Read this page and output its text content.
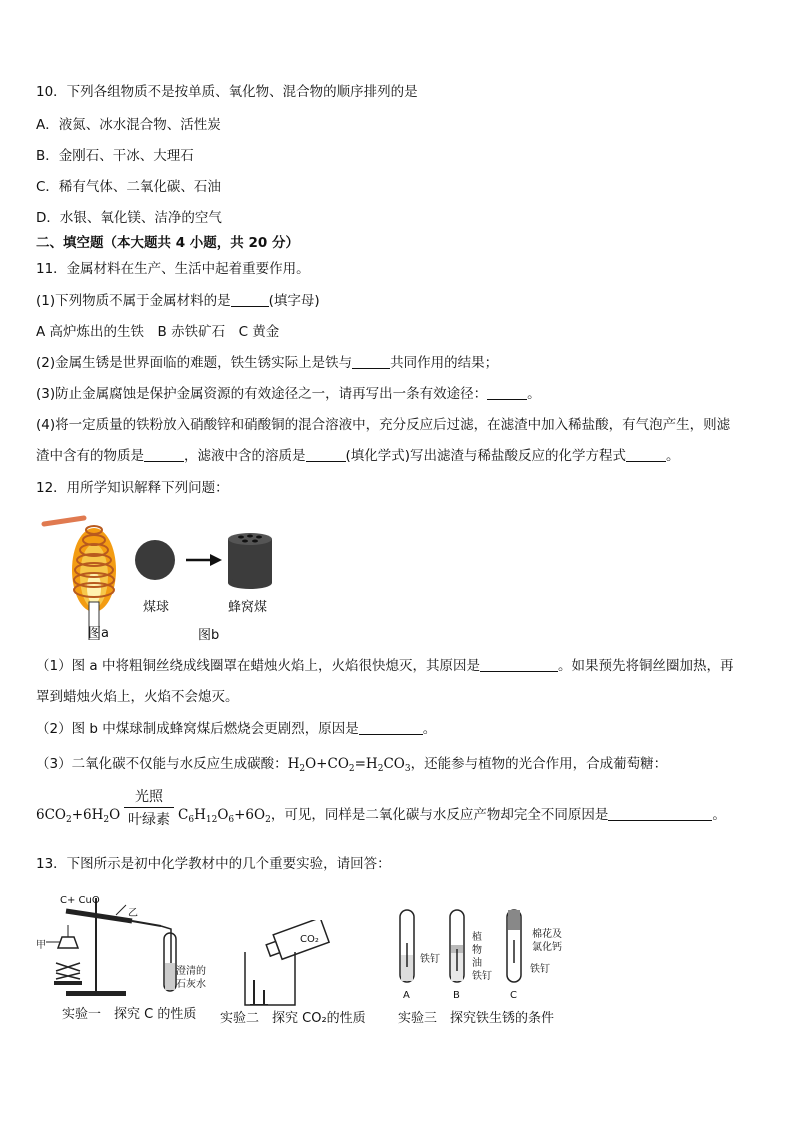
10．下列各组物质不是按单质、氧化物、混合物的顺序排列的是
A．液氮、冰水混合物、活性炭
B．金刚石、干冰、大理石
C．稀有气体、二氧化碳、石油
D．水银、氧化镁、洁净的空气
二、填空题（本大题共 4 小题，共 20 分）
11．金属材料在生产、生活中起着重要作用。
(1)下列物质不属于金属材料的是	(填字母)
A 高炉炼出的生铁　B 赤铁矿石　C 黄金
(2)金属生锈是世界面临的难题，铁生锈实际上是铁与	共同作用的结果；
(3)防止金属腐蚀是保护金属资源的有效途径之一，请再写出一条有效途径：	。
(4)将一定质量的铁粉放入硝酸锌和硝酸铜的混合溶液中，充分反应后过滤，在滤渣中加入稀盐酸，有气泡产生，则滤
渣中含有的物质是	，滤液中含的溶质是	(填化学式)写出滤渣与稀盐酸反应的化学方程式	。
12．用所学知识解释下列问题：
图a
煤球	蜂窝煤
图b
（1）图 a 中将粗铜丝绕成线圈罩在蜡烛火焰上，火焰很快熄灭，其原因是	。如果预先将铜丝圈加热，再
罩到蜡烛火焰上，火焰不会熄灭。
（2）图 b 中煤球制成蜂窝煤后燃烧会更剧烈，原因是	。
（3）二氧化碳不仅能与水反应生成碳酸：$H_2O+CO_2=H_2CO_3$，还能参与植物的光合作用，合成葡萄糖：
$6CO_2+6H_2O$
光照
叶绿素 $C_6H_{12}O_6+6O_2$，可见，同样是二氧化碳与水反应产物却完全不同原因是	。
13．下图所示是初中化学教材中的几个重要实验，请回答：
C+ CuO
乙
甲
澄清的
石灰水
实验一　探究 C 的性质
CO₂
实验二　探究 CO₂的性质
铁钉
植
物
油
铁钉
棉花及
氯化钙
铁钉
A	B	C
实验三　探究铁生锈的条件
